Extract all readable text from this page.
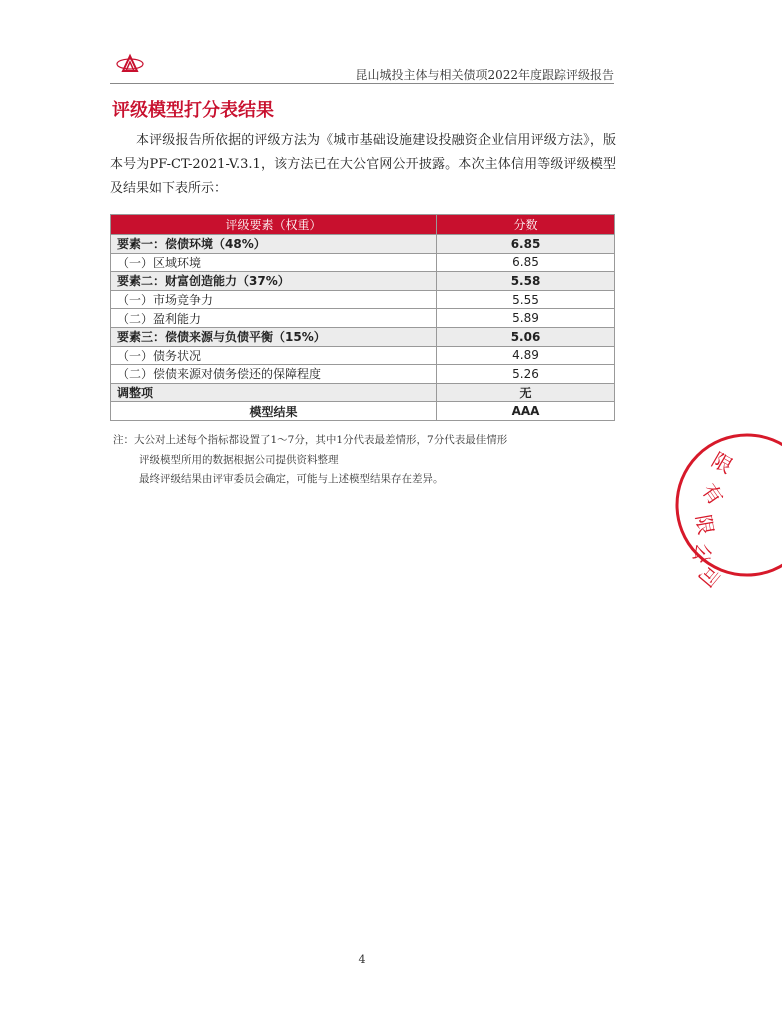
昆山城投主体与相关债项2022年度跟踪评级报告
评级模型打分表结果

本评级报告所依据的评级方法为《城市基础设施建设投融资企业信用评级方法》，版本号为PF-CT-2021-V.3.1，该方法已在大公官网公开披露。本次主体信用等级评级模型及结果如下表所示：

评级要素（权重）	分数
要素一：偿债环境（48%）	6.85
（一）区域环境	6.85
要素二：财富创造能力（37%）	5.58
（一）市场竞争力	5.55
（二）盈利能力	5.89
要素三：偿债来源与负债平衡（15%）	5.06
（一）债务状况	4.89
（二）偿债来源对债务偿还的保障程度	5.26
调整项	无
模型结果	AAA
注：大公对上述每个指标都设置了1～7分，其中1分代表最差情形，7分代表最佳情形
评级模型所用的数据根据公司提供资料整理
最终评级结果由评审委员会确定，可能与上述模型结果存在差异。
限
有
限
公
司
4
